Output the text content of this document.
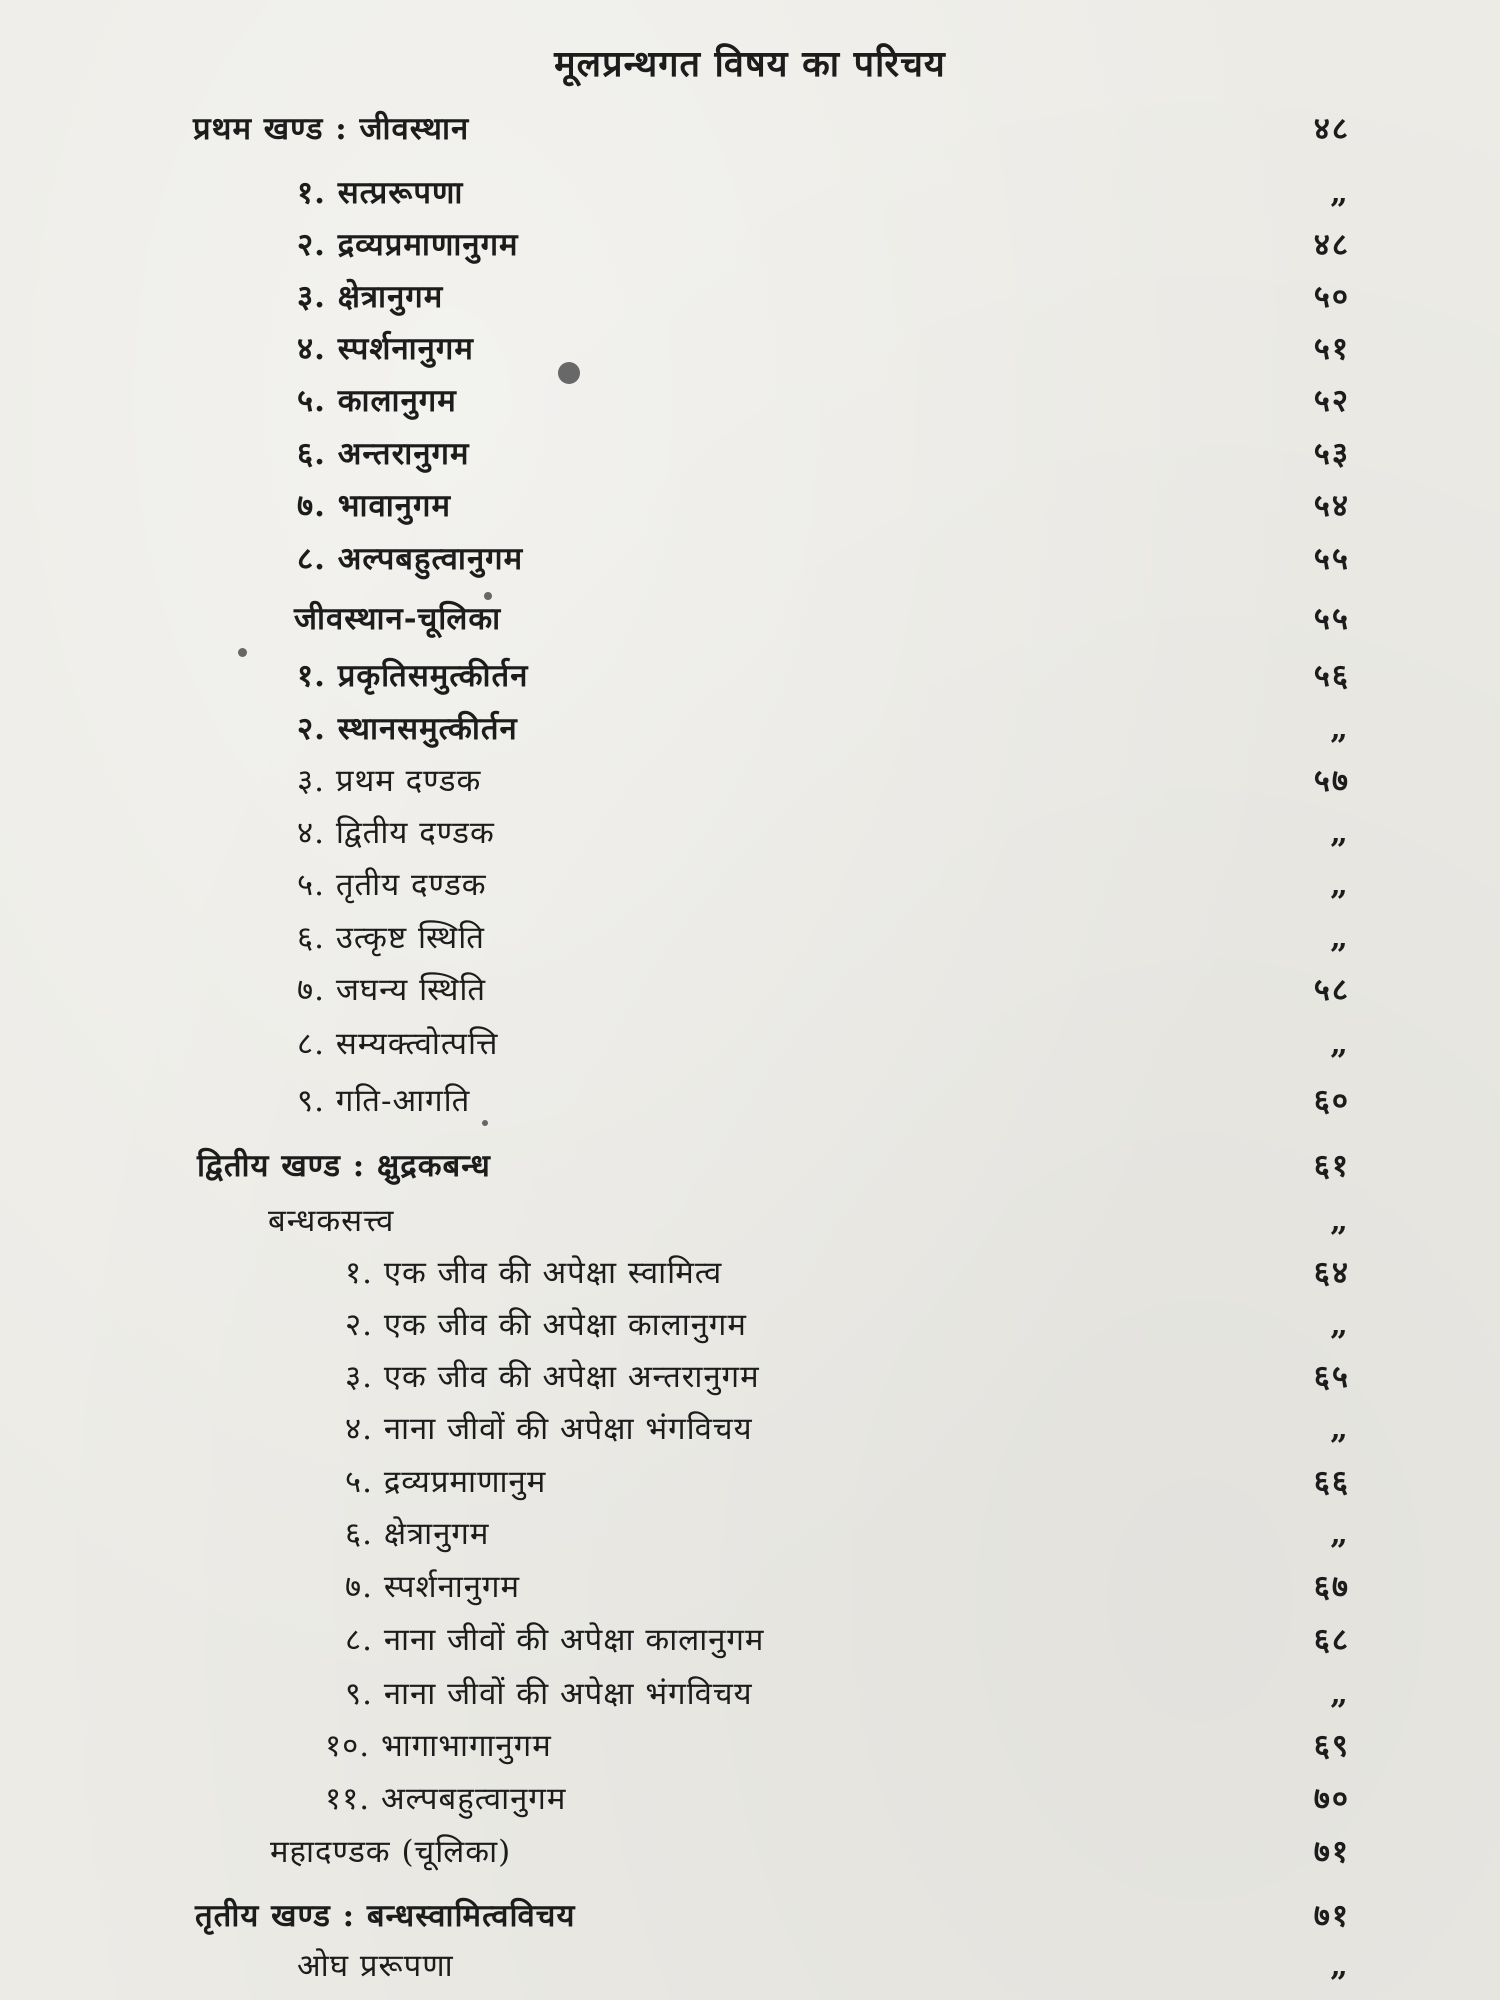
मूलप्रन्थगत विषय का परिचय
प्रथम खण्ड : जीवस्थान	४८
१. सत्प्ररूपणा	„
२. द्रव्यप्रमाणानुगम	४८
३. क्षेत्रानुगम	५०
४. स्पर्शनानुगम	५१
५. कालानुगम	५२
६. अन्तरानुगम	५३
७. भावानुगम	५४
८. अल्पबहुत्वानुगम	५५
जीवस्थान-चूलिका	५५
१. प्रकृतिसमुत्कीर्तन	५६
२. स्थानसमुत्कीर्तन	„
३. प्रथम दण्डक	५७
४. द्वितीय दण्डक	„
५. तृतीय दण्डक	„
६. उत्कृष्ट स्थिति	„
७. जघन्य स्थिति	५८
८. सम्यक्त्वोत्पत्ति	„
९. गति-आगति	६०
द्वितीय खण्ड : क्षुद्रकबन्ध	६१
बन्धकसत्त्व	„
१. एक जीव की अपेक्षा स्वामित्व	६४
२. एक जीव की अपेक्षा कालानुगम	„
३. एक जीव की अपेक्षा अन्तरानुगम	६५
४. नाना जीवों की अपेक्षा भंगविचय	„
५. द्रव्यप्रमाणानुम	६६
६. क्षेत्रानुगम	„
७. स्पर्शनानुगम	६७
८. नाना जीवों की अपेक्षा कालानुगम	६८
९. नाना जीवों की अपेक्षा भंगविचय	„
१०. भागाभागानुगम	६९
११. अल्पबहुत्वानुगम	७०
महादण्डक (चूलिका)	७१
तृतीय खण्ड : बन्धस्वामित्वविचय	७१
ओघ प्ररूपणा	„
